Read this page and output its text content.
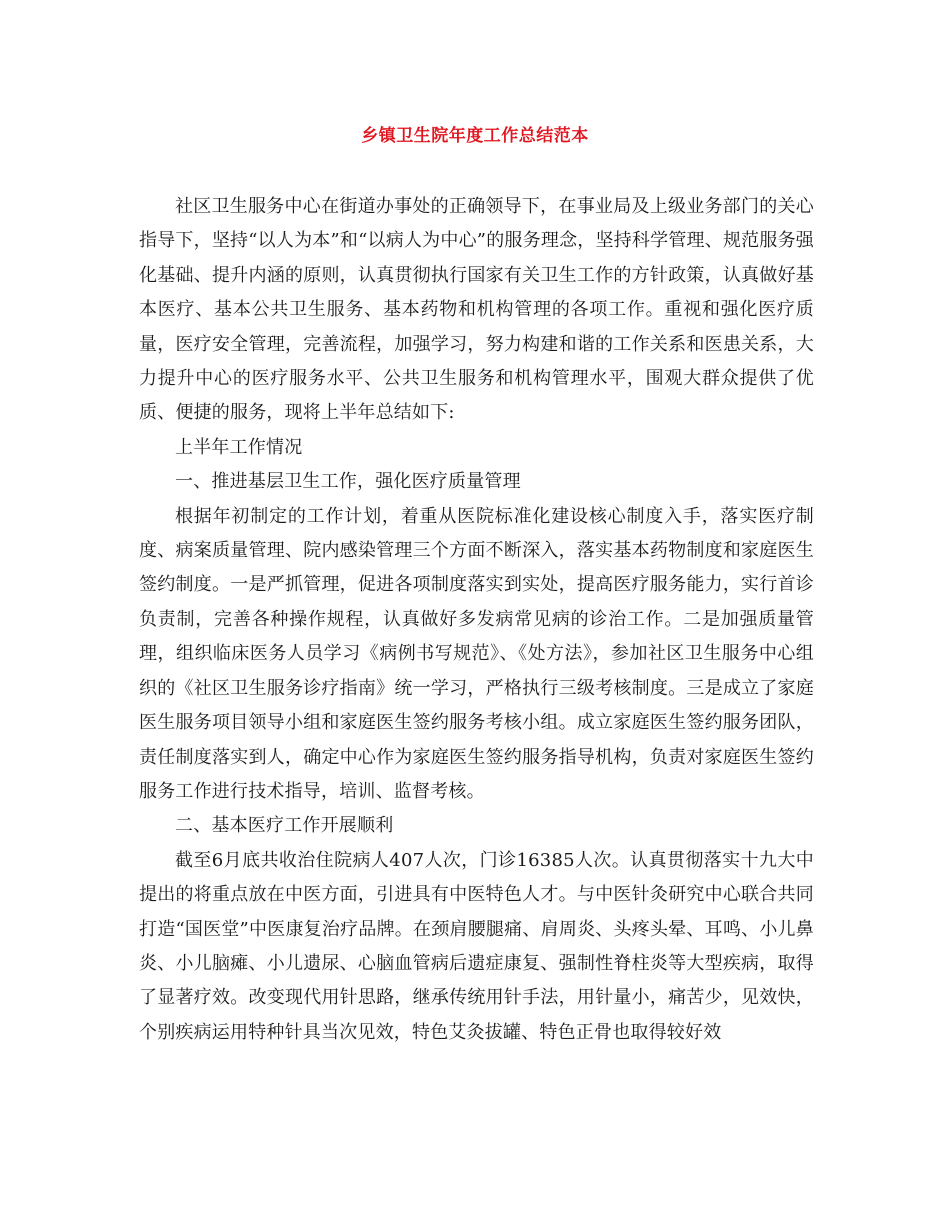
乡镇卫生院年度工作总结范本

社区卫生服务中心在街道办事处的正确领导下，在事业局及上级业务部门的关心指导下，坚持“以人为本”和“以病人为中心”的服务理念，坚持科学管理、规范服务强化基础、提升内涵的原则，认真贯彻执行国家有关卫生工作的方针政策，认真做好基本医疗、基本公共卫生服务、基本药物和机构管理的各项工作。重视和强化医疗质量，医疗安全管理，完善流程，加强学习，努力构建和谐的工作关系和医患关系，大力提升中心的医疗服务水平、公共卫生服务和机构管理水平，围观大群众提供了优质、便捷的服务，现将上半年总结如下:

上半年工作情况

一、推进基层卫生工作，强化医疗质量管理

根据年初制定的工作计划，着重从医院标准化建设核心制度入手，落实医疗制度、病案质量管理、院内感染管理三个方面不断深入，落实基本药物制度和家庭医生签约制度。一是严抓管理，促进各项制度落实到实处，提高医疗服务能力，实行首诊负责制，完善各种操作规程，认真做好多发病常见病的诊治工作。二是加强质量管理，组织临床医务人员学习《病例书写规范》、《处方法》，参加社区卫生服务中心组织的《社区卫生服务诊疗指南》统一学习，严格执行三级考核制度。三是成立了家庭医生服务项目领导小组和家庭医生签约服务考核小组。成立家庭医生签约服务团队，责任制度落实到人，确定中心作为家庭医生签约服务指导机构，负责对家庭医生签约服务工作进行技术指导，培训、监督考核。

二、基本医疗工作开展顺利

截至6月底共收治住院病人407人次，门诊16385人次。认真贯彻落实十九大中提出的将重点放在中医方面，引进具有中医特色人才。与中医针灸研究中心联合共同打造“国医堂”中医康复治疗品牌。在颈肩腰腿痛、肩周炎、头疼头晕、耳鸣、小儿鼻炎、小儿脑瘫、小儿遗尿、心脑血管病后遗症康复、强制性脊柱炎等大型疾病，取得了显著疗效。改变现代用针思路，继承传统用针手法，用针量小，痛苦少，见效快，个别疾病运用特种针具当次见效，特色艾灸拔罐、特色正骨也取得较好效
